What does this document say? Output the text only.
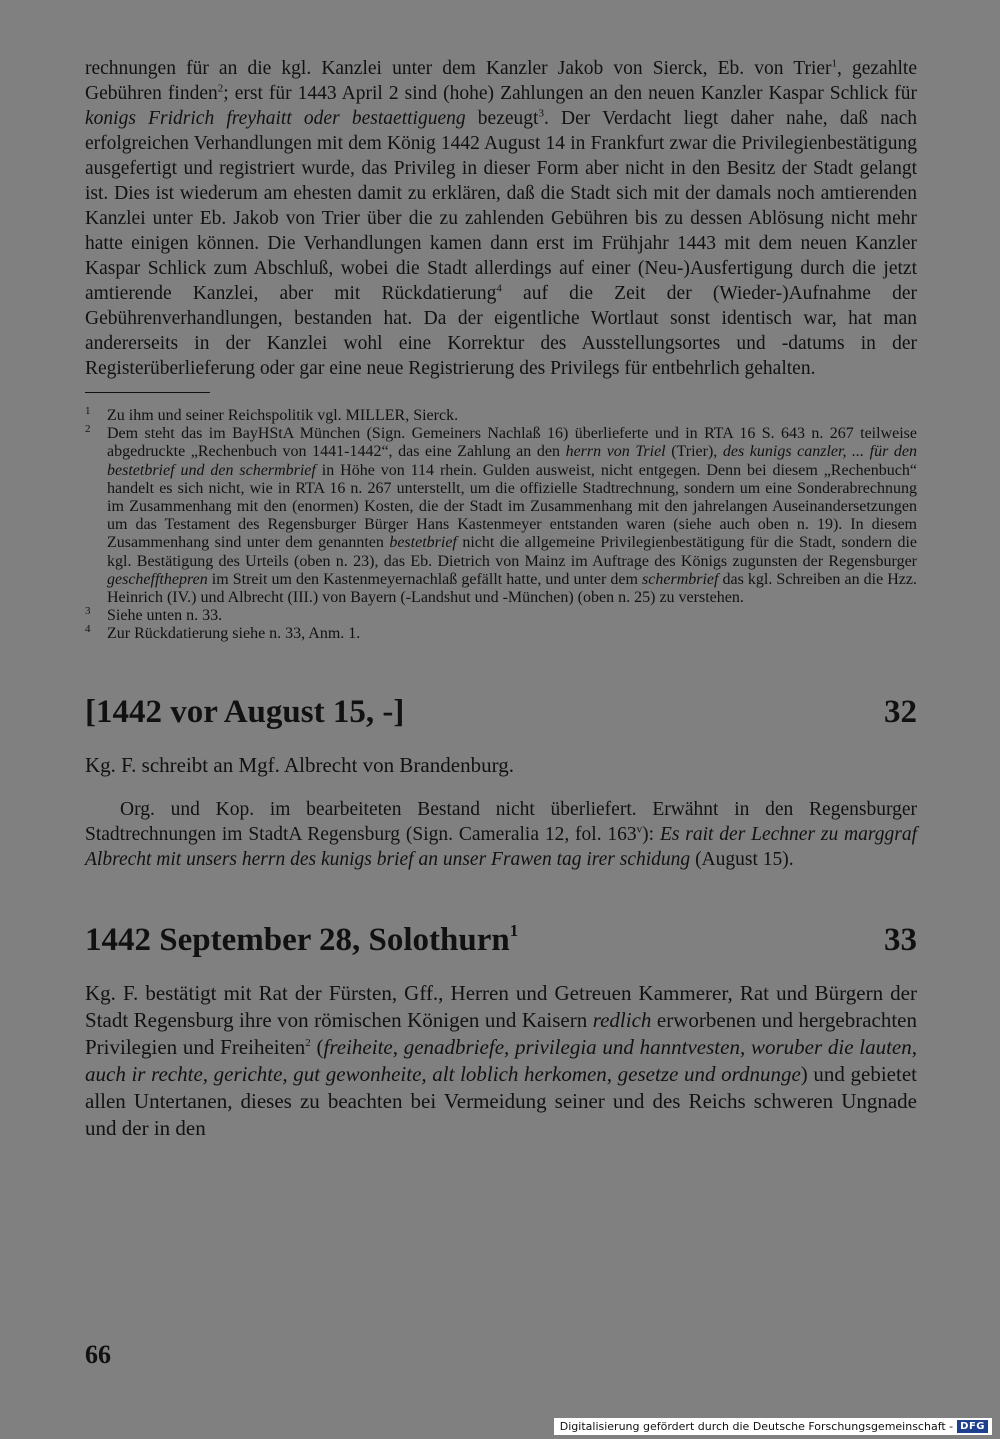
rechnungen für an die kgl. Kanzlei unter dem Kanzler Jakob von Sierck, Eb. von Trier$^1$, gezahlte Gebühren finden$^2$; erst für 1443 April 2 sind (hohe) Zahlungen an den neuen Kanzler Kaspar Schlick für konigs Fridrich freyhaitt oder bestaettigueng bezeugt$^3$. Der Verdacht liegt daher nahe, daß nach erfolgreichen Verhandlungen mit dem König 1442 August 14 in Frankfurt zwar die Privilegienbestätigung ausgefertigt und registriert wurde, das Privileg in dieser Form aber nicht in den Besitz der Stadt gelangt ist. Dies ist wiederum am ehesten damit zu erklären, daß die Stadt sich mit der damals noch amtierenden Kanzlei unter Eb. Jakob von Trier über die zu zahlenden Gebühren bis zu dessen Ablösung nicht mehr hatte einigen können. Die Verhandlungen kamen dann erst im Frühjahr 1443 mit dem neuen Kanzler Kaspar Schlick zum Abschluß, wobei die Stadt allerdings auf einer (Neu-)Ausfertigung durch die jetzt amtierende Kanzlei, aber mit Rückdatierung$^4$ auf die Zeit der (Wieder-)Aufnahme der Gebührenverhandlungen, bestanden hat. Da der eigentliche Wortlaut sonst identisch war, hat man andererseits in der Kanzlei wohl eine Korrektur des Ausstellungsortes und -datums in der Registerüberlieferung oder gar eine neue Registrierung des Privilegs für entbehrlich gehalten.

1 Zu ihm und seiner Reichspolitik vgl. MILLER, Sierck.

2 Dem steht das im BayHStA München (Sign. Gemeiners Nachlaß 16) überlieferte und in RTA 16 S. 643 n. 267 teilweise abgedruckte „Rechenbuch von 1441-1442“, das eine Zahlung an den herrn von Triel (Trier), des kunigs canzler, ... für den bestetbrief und den schermbrief in Höhe von 114 rhein. Gulden ausweist, nicht entgegen. Denn bei diesem „Rechenbuch“ handelt es sich nicht, wie in RTA 16 n. 267 unterstellt, um die offizielle Stadtrechnung, sondern um eine Sonderabrechnung im Zusammenhang mit den (enormen) Kosten, die der Stadt im Zusammenhang mit den jahrelangen Auseinandersetzungen um das Testament des Regensburger Bürger Hans Kastenmeyer entstanden waren (siehe auch oben n. 19). In diesem Zusammenhang sind unter dem genannten bestetbrief nicht die allgemeine Privilegienbestätigung für die Stadt, sondern die kgl. Bestätigung des Urteils (oben n. 23), das Eb. Dietrich von Mainz im Auftrage des Königs zugunsten der Regensburger gescheffthерren im Streit um den Kastenmeyernachlaß gefällt hatte, und unter dem schermbrief das kgl. Schreiben an die Hzz. Heinrich (IV.) und Albrecht (III.) von Bayern (-Landshut und -München) (oben n. 25) zu verstehen.

3 Siehe unten n. 33.

4 Zur Rückdatierung siehe n. 33, Anm. 1.

[1442 vor August 15, -]	32

Kg. F. schreibt an Mgf. Albrecht von Brandenburg.

Org. und Kop. im bearbeiteten Bestand nicht überliefert. Erwähnt in den Regensburger Stadtrechnungen im StadtA Regensburg (Sign. Cameralia 12, fol. 163$^v$): Es rait der Lechner zu marggraf Albrecht mit unsers herrn des kunigs brief an unser Frawen tag irer schidung (August 15).

1442 September 28, Solothurn$^1$	33

Kg. F. bestätigt mit Rat der Fürsten, Gff., Herren und Getreuen Kammerer, Rat und Bürgern der Stadt Regensburg ihre von römischen Königen und Kaisern redlich erworbenen und hergebrachten Privilegien und Freiheiten$^2$ (freiheite, genadbriefe, privilegia und hanntvesten, woruber die lauten, auch ir rechte, gerichte, gut gewonheite, alt loblich herkomen, gesetze und ordnunge) und gebietet allen Untertanen, dieses zu beachten bei Vermeidung seiner und des Reichs schweren Ungnade und der in den

66
Digitalisierung gefördert durch die Deutsche Forschungsgemeinschaft - DFG
